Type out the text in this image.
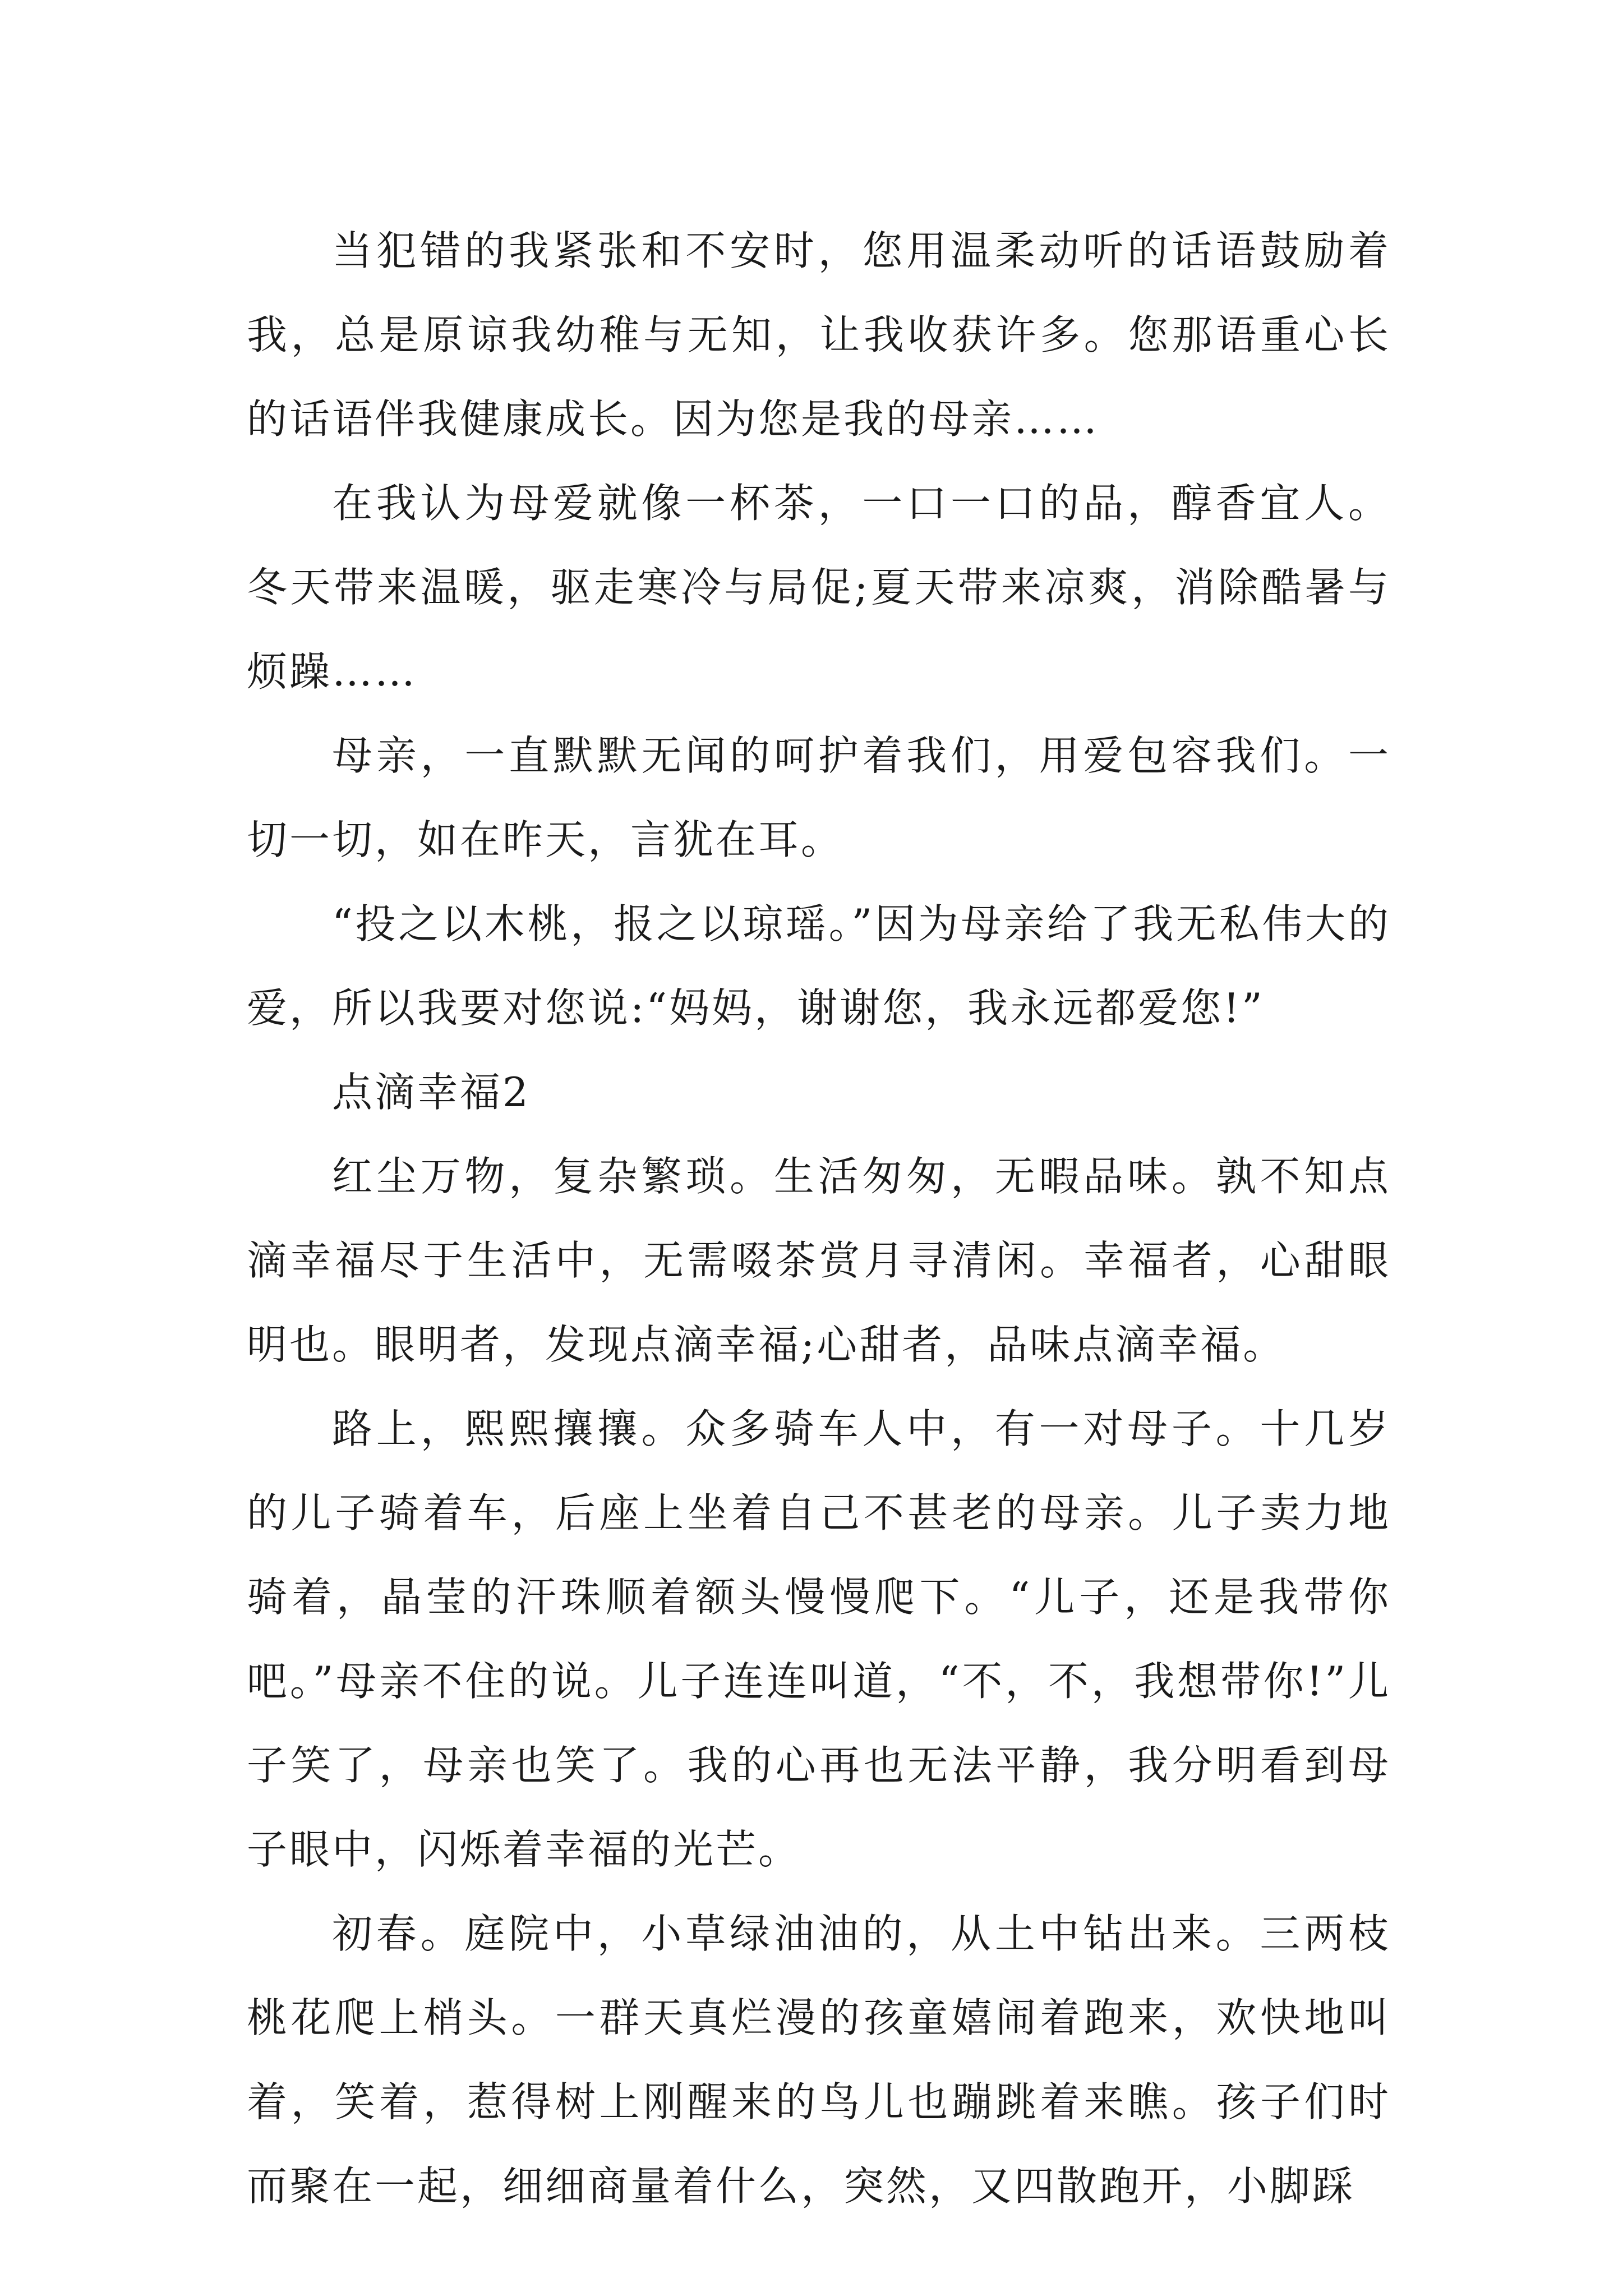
当犯错的我紧张和不安时，您用温柔动听的话语鼓励着我，总是原谅我幼稚与无知，让我收获许多。您那语重心长的话语伴我健康成长。因为您是我的母亲……

在我认为母爱就像一杯茶，一口一口的品，醇香宜人。冬天带来温暖，驱走寒冷与局促;夏天带来凉爽，消除酷暑与烦躁……

母亲，一直默默无闻的呵护着我们，用爱包容我们。一切一切，如在昨天，言犹在耳。

“投之以木桃，报之以琼瑶。”因为母亲给了我无私伟大的爱，所以我要对您说:“妈妈，谢谢您，我永远都爱您!”

点滴幸福2

红尘万物，复杂繁琐。生活匆匆，无暇品味。孰不知点滴幸福尽于生活中，无需啜茶赏月寻清闲。幸福者，心甜眼明也。眼明者，发现点滴幸福;心甜者，品味点滴幸福。

路上，熙熙攘攘。众多骑车人中，有一对母子。十几岁的儿子骑着车，后座上坐着自己不甚老的母亲。儿子卖力地骑着，晶莹的汗珠顺着额头慢慢爬下。“儿子，还是我带你吧。”母亲不住的说。儿子连连叫道，“不，不，我想带你!”儿子笑了，母亲也笑了。我的心再也无法平静，我分明看到母子眼中，闪烁着幸福的光芒。

初春。庭院中，小草绿油油的，从土中钻出来。三两枝桃花爬上梢头。一群天真烂漫的孩童嬉闹着跑来，欢快地叫着，笑着，惹得树上刚醒来的鸟儿也蹦跳着来瞧。孩子们时而聚在一起，细细商量着什么，突然，又四散跑开，小脚踩
